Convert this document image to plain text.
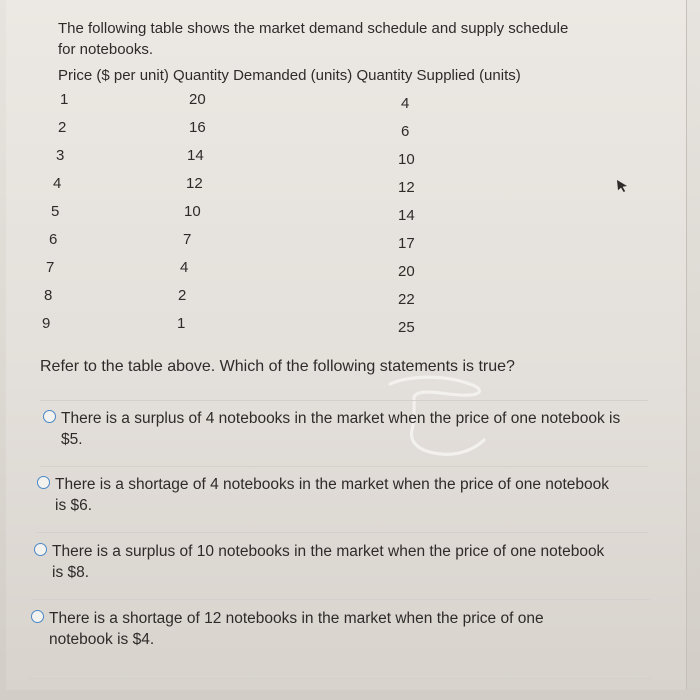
The following table shows the market demand schedule and supply schedule
for notebooks.
Price ($ per unit) Quantity Demanded (units) Quantity Supplied (units)
1	20	4
2	16	6
3	14	10
4	12	12
5	10	14
6	7	17
7	4	20
8	2	22
9	1	25
Refer to the table above. Which of the following statements is true?
There is a surplus of 4 notebooks in the market when the price of one notebook is
$5.
There is a shortage of 4 notebooks in the market when the price of one notebook
is $6.
There is a surplus of 10 notebooks in the market when the price of one notebook
is $8.
There is a shortage of 12 notebooks in the market when the price of one
notebook is $4.
